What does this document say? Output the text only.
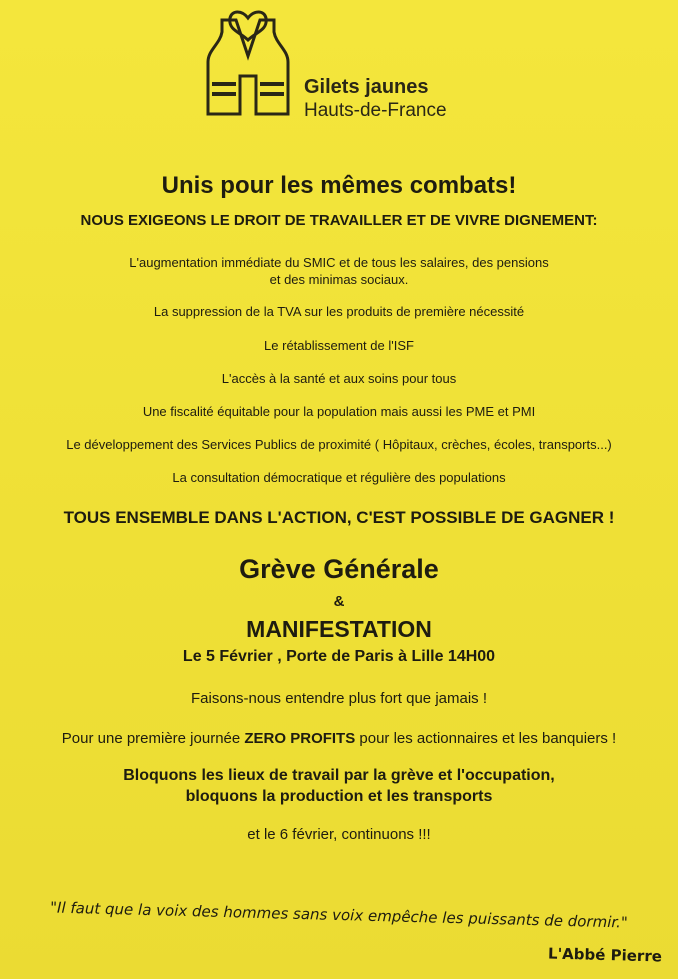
Gilets jaunes
Hauts-de-France
Unis pour les mêmes combats!
NOUS EXIGEONS LE DROIT DE TRAVAILLER ET DE VIVRE DIGNEMENT:
L'augmentation immédiate du SMIC et de tous les salaires, des pensions
et des minimas sociaux.
La suppression de la TVA sur les produits de première nécessité
Le rétablissement de l'ISF
L'accès à la santé et aux soins pour tous
Une fiscalité équitable pour la population mais aussi les PME et PMI
Le développement des Services Publics de proximité ( Hôpitaux, crèches, écoles, transports...)
La consultation démocratique et régulière des populations
TOUS ENSEMBLE DANS L'ACTION, C'EST POSSIBLE DE GAGNER !
Grève Générale
&
MANIFESTATION
Le 5 Février , Porte de Paris à Lille 14H00
Faisons-nous entendre plus fort que jamais !
Pour une première journée ZERO PROFITS pour les actionnaires et les banquiers !
Bloquons les lieux de travail par la grève et l'occupation,
bloquons la production et les transports
et le 6 février, continuons !!!
"Il faut que la voix des hommes sans voix empêche les puissants de dormir."
L'Abbé Pierre
